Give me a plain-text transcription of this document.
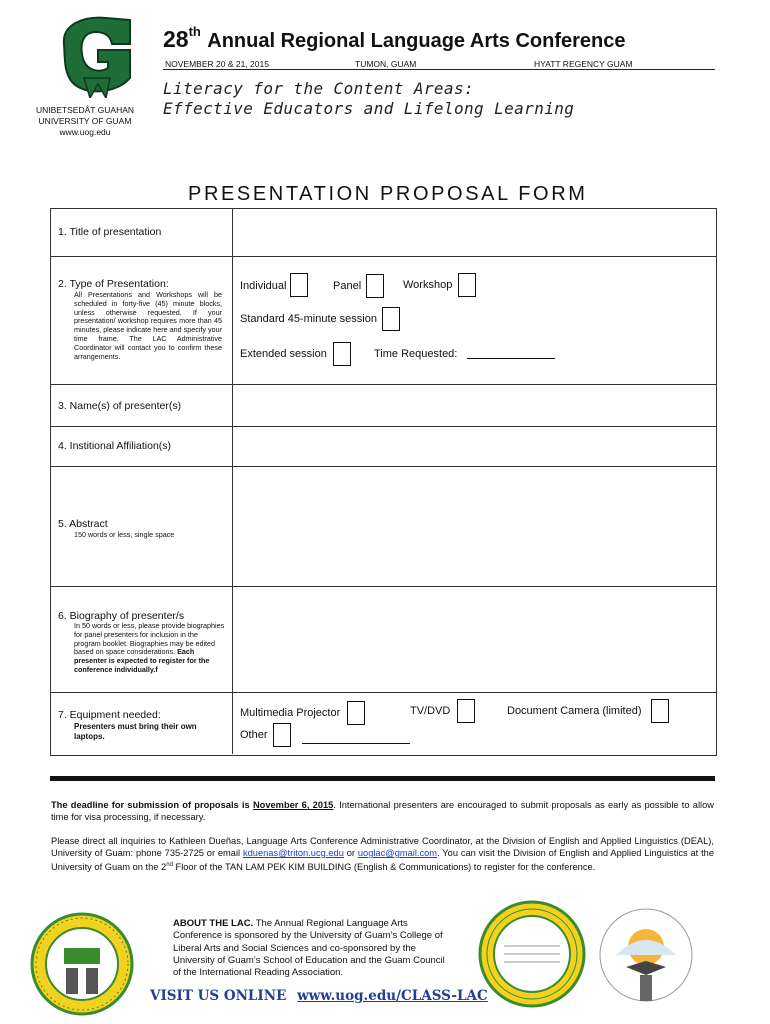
UNIBETSEDÅT GUAHAN
UNIVERSITY OF GUAM
www.uog.edu
28th Annual Regional Language Arts Conference
NOVEMBER 20 & 21, 2015	TUMON, GUAM	HYATT REGENCY GUAM
Literacy for the Content Areas:
Effective Educators and Lifelong Learning
PRESENTATION PROPOSAL FORM
1. Title of presentation
2. Type of Presentation:
All Presentations and Workshops will be scheduled in forty-five (45) minute blocks, unless otherwise requested. If your presentation/ workshop requires more than 45 minutes, please indicate here and specify your time frame. The LAC Administrative Coordinator will contact you to confirm these arrangements.
Individual	Panel	Workshop
Standard 45-minute session
Extended session	Time Requested:
3. Name(s) of presenter(s)
4. Institional Affiliation(s)
5. Abstract
150 words or less, single space
6. Biography of presenter/s
In 50 words or less, please provide biographies for panel presenters for inclusion in the program booklet. Biographies may be edited based on space considerations. Each presenter is expected to register for the conference individually.f
7. Equipment needed:
Presenters must bring their own laptops.
Multimedia Projector	TV/DVD	Document Camera (limited)
Other
The deadline for submission of proposals is November 6, 2015. International presenters are encouraged to submit proposals as early as possible to allow time for visa processing, if necessary.
Please direct all inquiries to Kathleen Dueñas, Language Arts Conference Administrative Coordinator, at the Division of English and Applied Linguistics (DEAL), University of Guam: phone 735-2725 or email kduenas@triton.ucg.edu or uoglac@gmail.com. You can visit the Division of English and Applied Linguistics at the University of Guam on the 2nd Floor of the TAN LAM PEK KIM BUILDING (English & Communications) to register for the conference.
ABOUT THE LAC. The Annual Regional Language Arts Conference is sponsored by the University of Guam’s College of Liberal Arts and Social Sciences and co-sponsored by the University of Guam’s School of Education and the Guam Council of the International Reading Association.
VISIT US ONLINE www.uog.edu/CLASS-LAC
